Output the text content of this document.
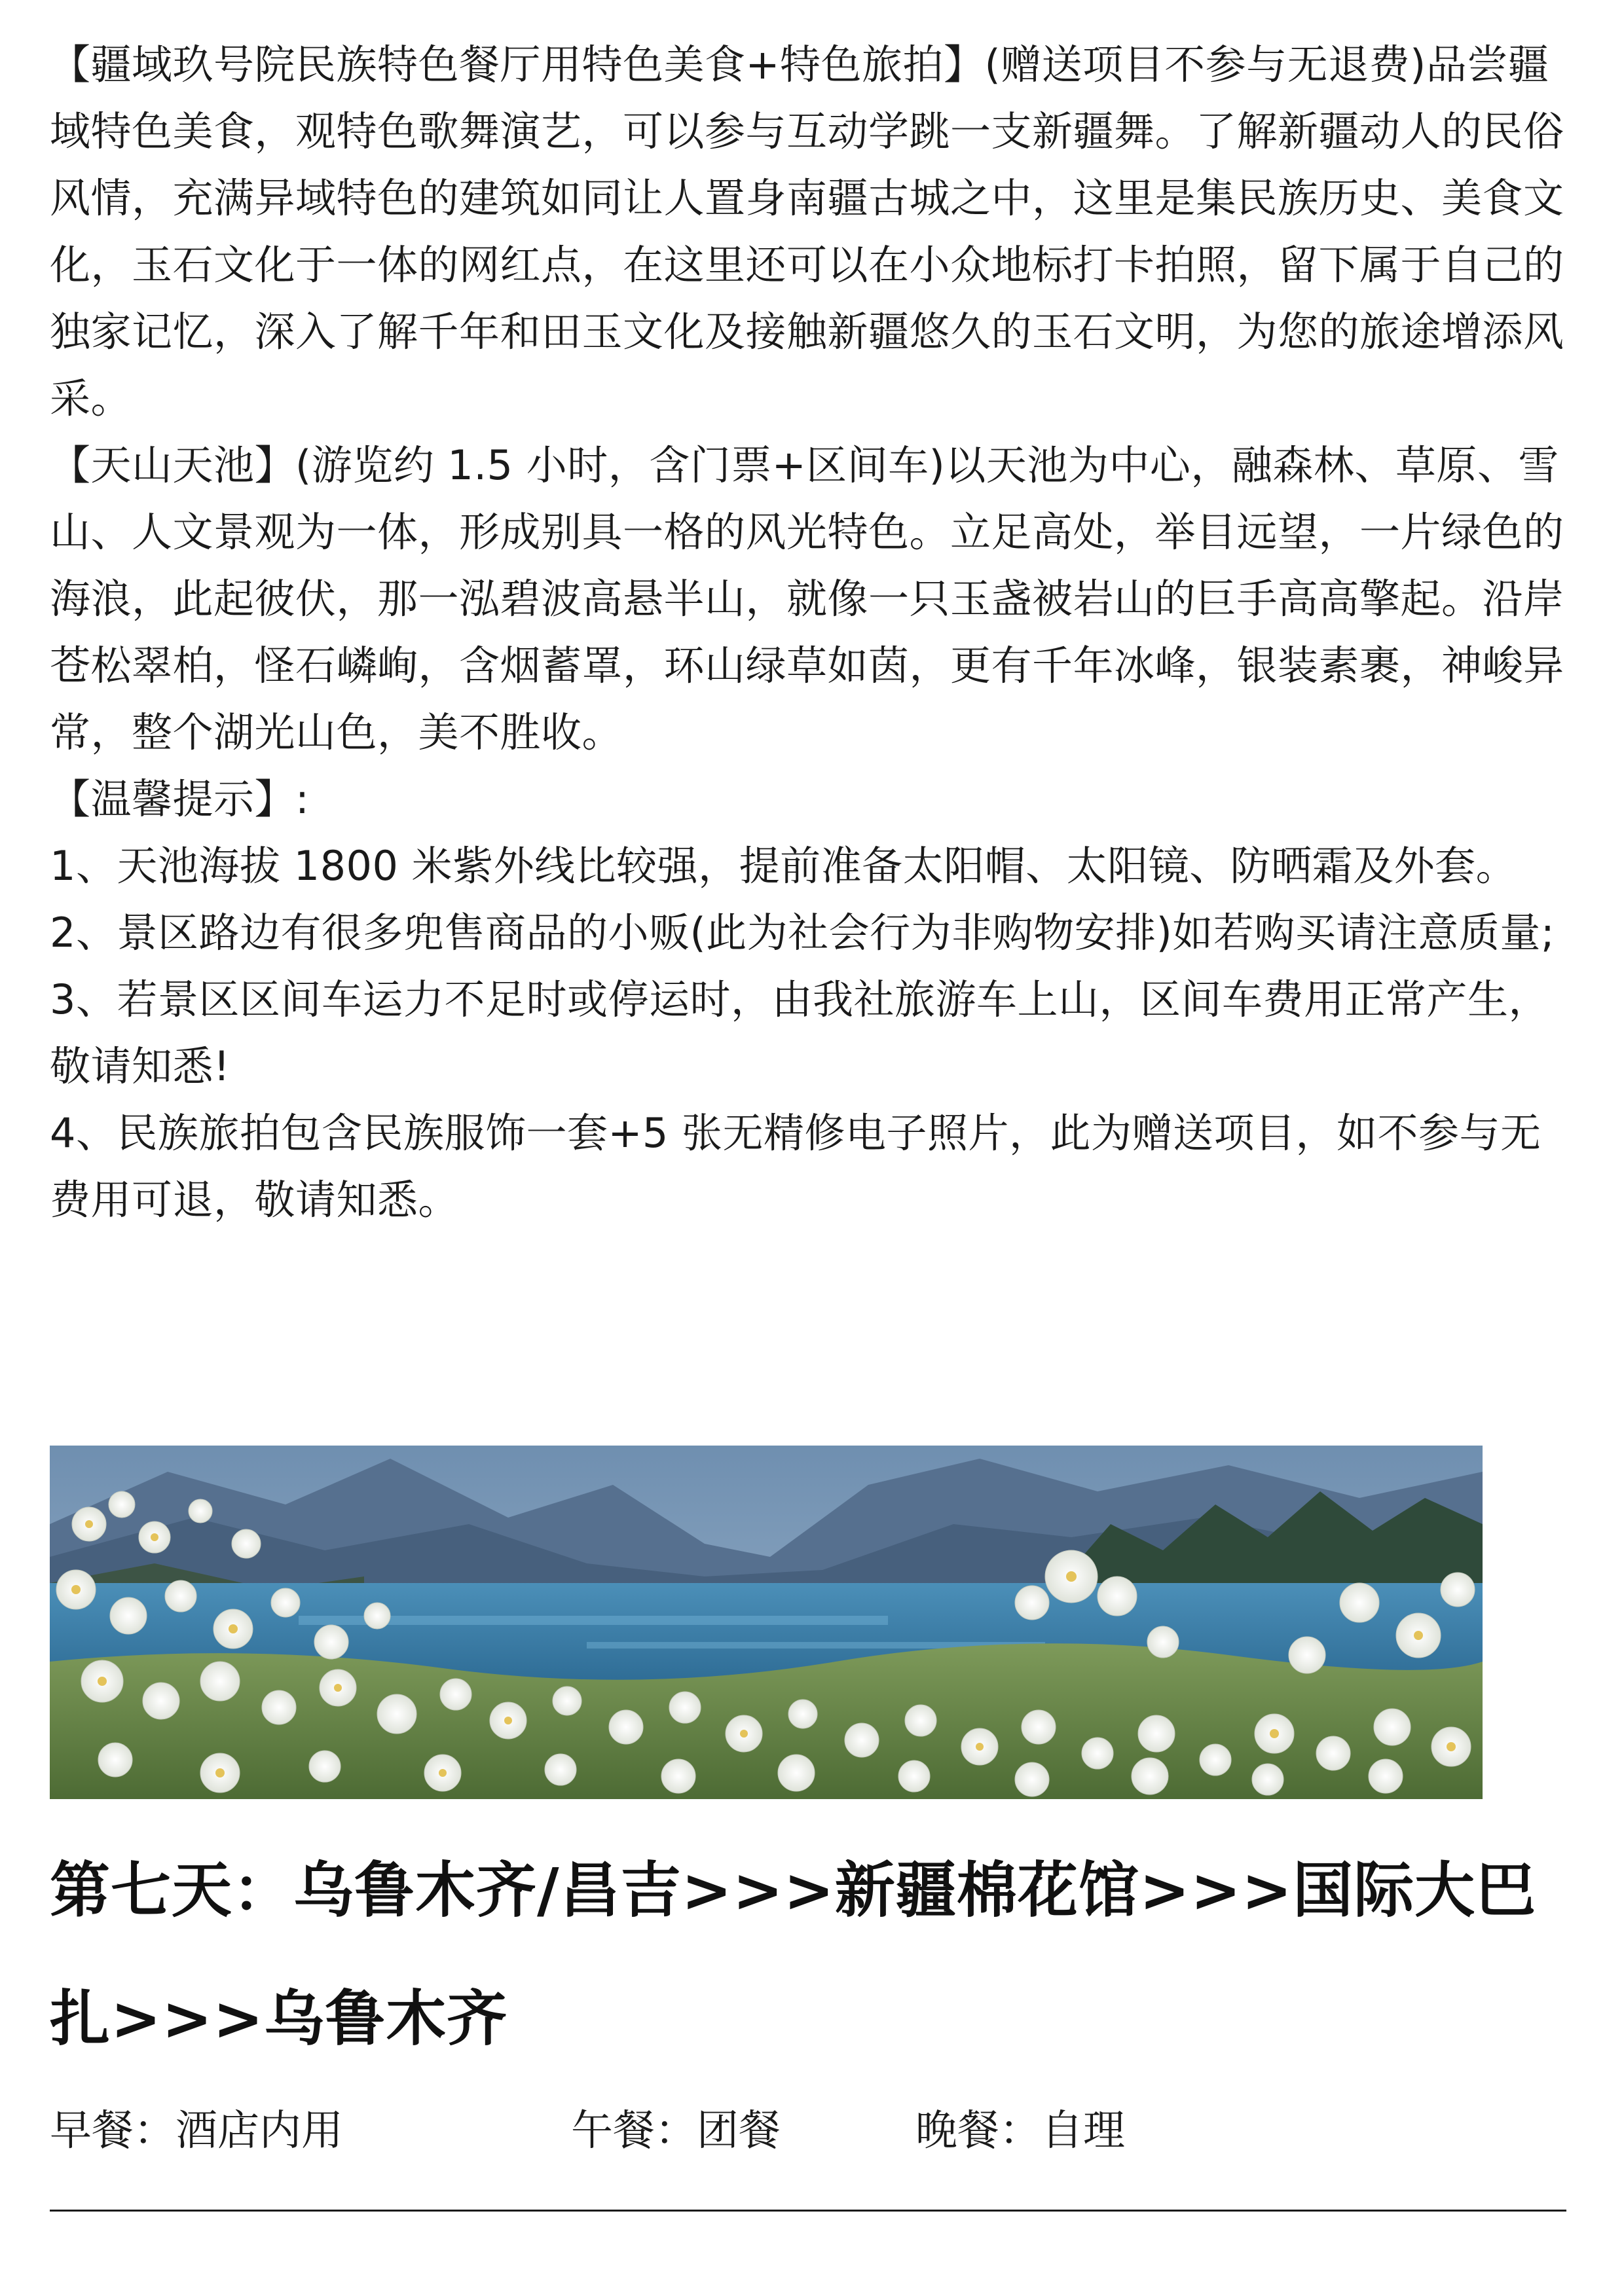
【疆域玖号院民族特色餐厅用特色美食+特色旅拍】(赠送项目不参与无退费)品尝疆域特色美食，观特色歌舞演艺，可以参与互动学跳一支新疆舞。了解新疆动人的民俗风情，充满异域特色的建筑如同让人置身南疆古城之中，这里是集民族历史、美食文化，玉石文化于一体的网红点，在这里还可以在小众地标打卡拍照，留下属于自己的独家记忆，深入了解千年和田玉文化及接触新疆悠久的玉石文明，为您的旅途增添风采。

【天山天池】(游览约 1.5 小时，含门票+区间车)以天池为中心，融森林、草原、雪山、人文景观为一体，形成别具一格的风光特色。立足高处，举目远望，一片绿色的海浪，此起彼伏，那一泓碧波高悬半山，就像一只玉盏被岩山的巨手高高擎起。沿岸苍松翠柏，怪石嶙峋，含烟蓄罩，环山绿草如茵，更有千年冰峰，银装素裹，神峻异常，整个湖光山色，美不胜收。

【温馨提示】:

1、天池海拔 1800 米紫外线比较强，提前准备太阳帽、太阳镜、防晒霜及外套。

2、景区路边有很多兜售商品的小贩(此为社会行为非购物安排)如若购买请注意质量;

3、若景区区间车运力不足时或停运时，由我社旅游车上山，区间车费用正常产生，敬请知悉!

4、民族旅拍包含民族服饰一套+5 张无精修电子照片，此为赠送项目，如不参与无费用可退，敬请知悉。

第七天：乌鲁木齐/昌吉>>>新疆棉花馆>>>国际大巴扎>>>乌鲁木齐
早餐：酒店内用	午餐：团餐	晚餐：自理
